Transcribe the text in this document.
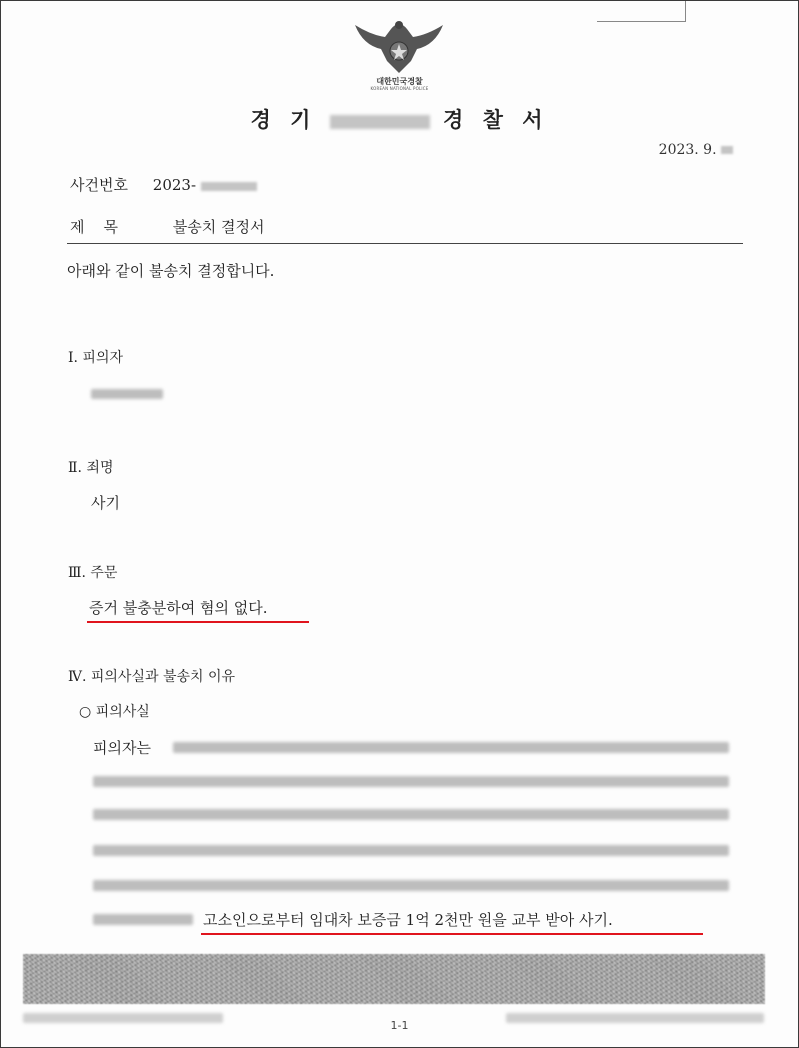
대한민국경찰
KOREAN NATIONAL POLICE
경 기	경 찰 서
2023. 9.
사건번호 2023-
제    목	불송치 결정서
아래와 같이 불송치 결정합니다.
Ⅰ. 피의자
Ⅱ. 죄명
사기
Ⅲ. 주문
증거 불충분하여 혐의 없다.
Ⅳ. 피의사실과 불송치 이유
○ 피의사실
피의자는
고소인으로부터 임대차 보증금 1억 2천만 원을 교부 받아 사기.
1-1
